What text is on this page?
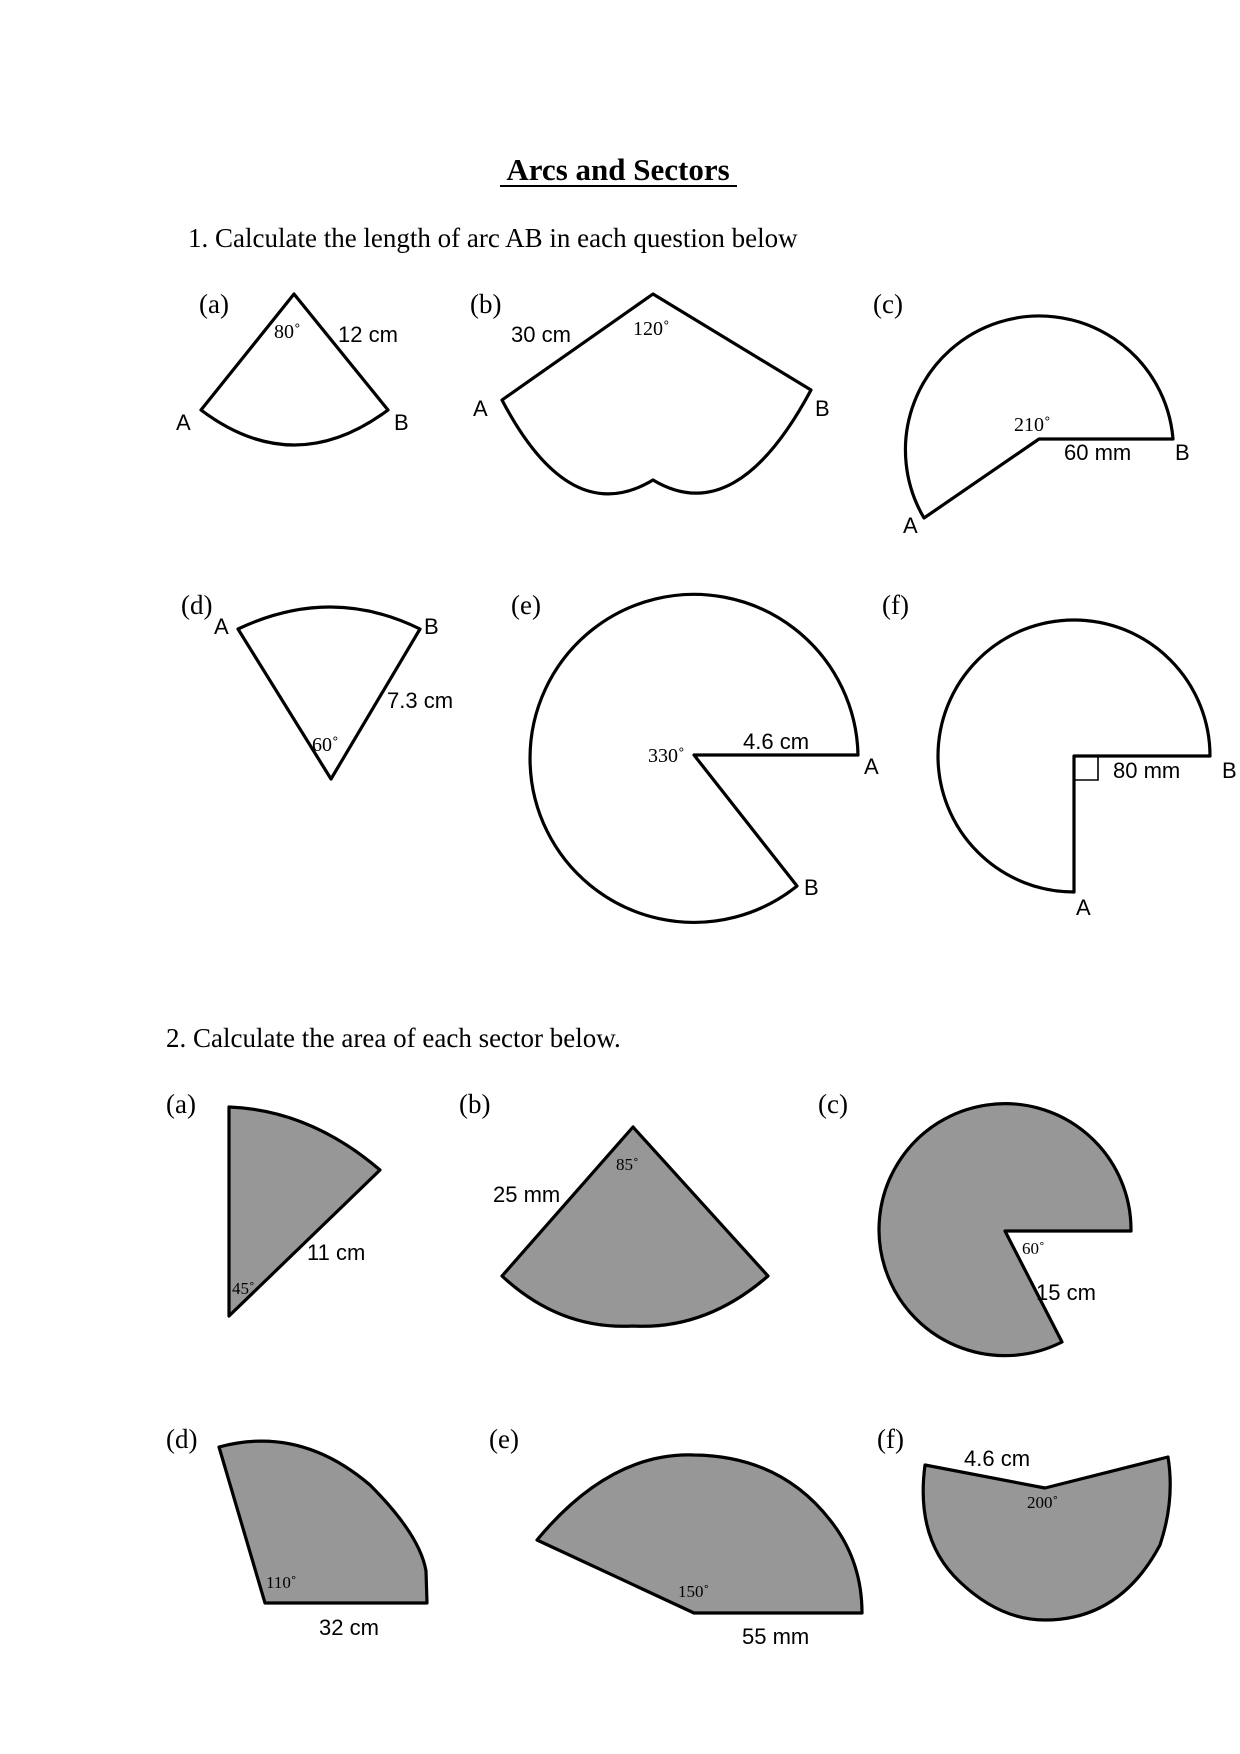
Arcs and Sectors
1. Calculate the length of arc AB in each question below
(a)
80˚ 12 cm
A	B
(b)
120˚
30 cm
A	B
(c)
210˚
60 mm
A
B
(d)
60˚
7.3 cm
A	B
(e)
330˚
4.6 cm
A
B
(f)
80 mm
A
B
2. Calculate the area of each sector below.
(a)
45˚
11 cm
(b)
85˚
25 mm
(c)
60˚
15 cm
(d)
110˚
32 cm
(e)
150˚
55 mm
(f)
200˚
4.6 cm
